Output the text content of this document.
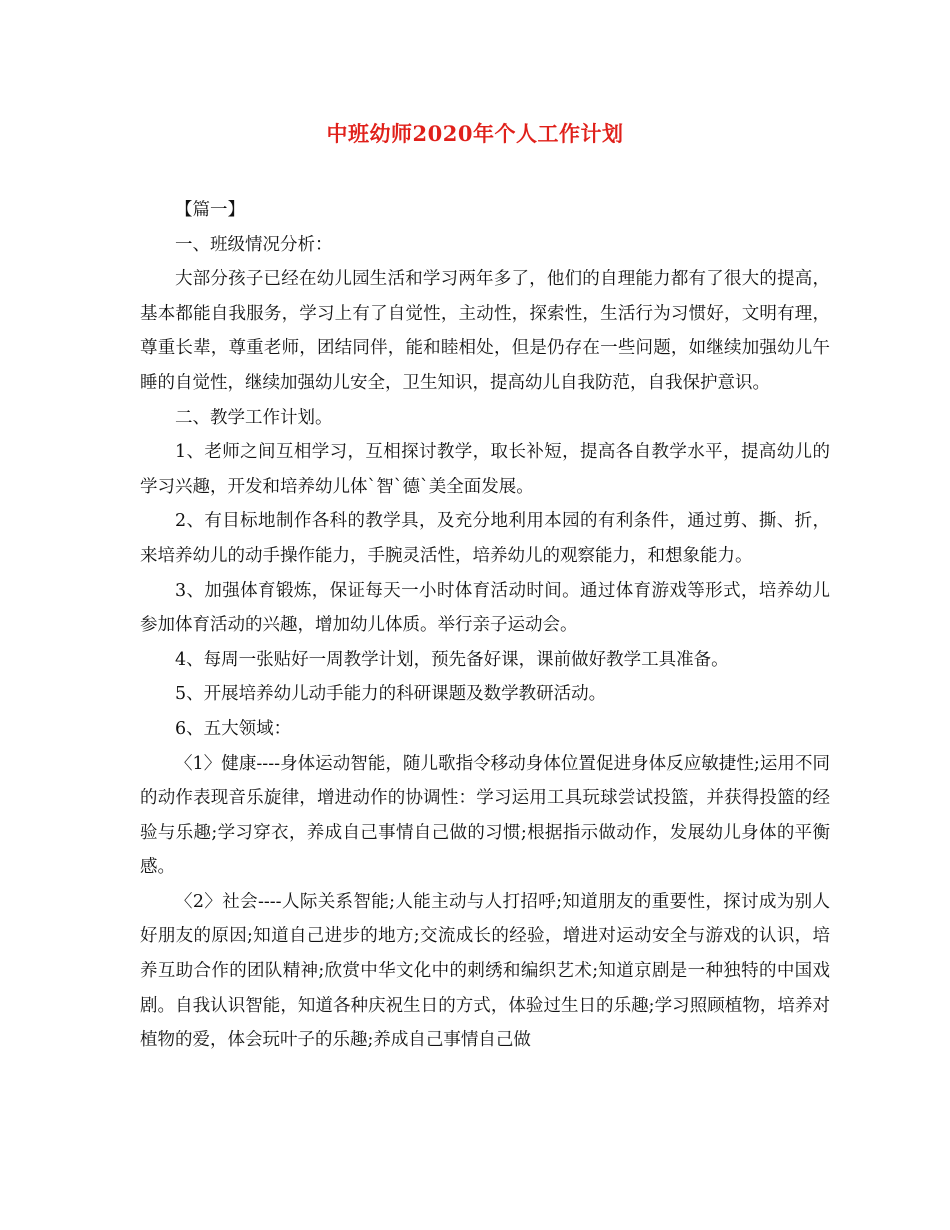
中班幼师2020年个人工作计划

【篇一】

一、班级情况分析：

大部分孩子已经在幼儿园生活和学习两年多了，他们的自理能力都有了很大的提高，基本都能自我服务，学习上有了自觉性，主动性，探索性，生活行为习惯好，文明有理，尊重长辈，尊重老师，团结同伴，能和睦相处，但是仍存在一些问题，如继续加强幼儿午睡的自觉性，继续加强幼儿安全，卫生知识，提高幼儿自我防范，自我保护意识。

二、教学工作计划。

1、老师之间互相学习，互相探讨教学，取长补短，提高各自教学水平，提高幼儿的学习兴趣，开发和培养幼儿体`智`德`美全面发展。

2、有目标地制作各科的教学具，及充分地利用本园的有利条件，通过剪、撕、折，来培养幼儿的动手操作能力，手腕灵活性，培养幼儿的观察能力，和想象能力。

3、加强体育锻炼，保证每天一小时体育活动时间。通过体育游戏等形式，培养幼儿参加体育活动的兴趣，增加幼儿体质。举行亲子运动会。

4、每周一张贴好一周教学计划，预先备好课，课前做好教学工具准备。

5、开展培养幼儿动手能力的科研课题及数学教研活动。

6、五大领域：

〈1〉健康----身体运动智能，随儿歌指令移动身体位置促进身体反应敏捷性;运用不同的动作表现音乐旋律，增进动作的协调性：学习运用工具玩球尝试投篮，并获得投篮的经验与乐趣;学习穿衣，养成自己事情自己做的习惯;根据指示做动作，发展幼儿身体的平衡感。

〈2〉社会----人际关系智能;人能主动与人打招呼;知道朋友的重要性，探讨成为别人好朋友的原因;知道自己进步的地方;交流成长的经验，增进对运动安全与游戏的认识，培养互助合作的团队精神;欣赏中华文化中的刺绣和编织艺术;知道京剧是一种独特的中国戏剧。自我认识智能，知道各种庆祝生日的方式，体验过生日的乐趣;学习照顾植物，培养对植物的爱，体会玩叶子的乐趣;养成自己事情自己做
